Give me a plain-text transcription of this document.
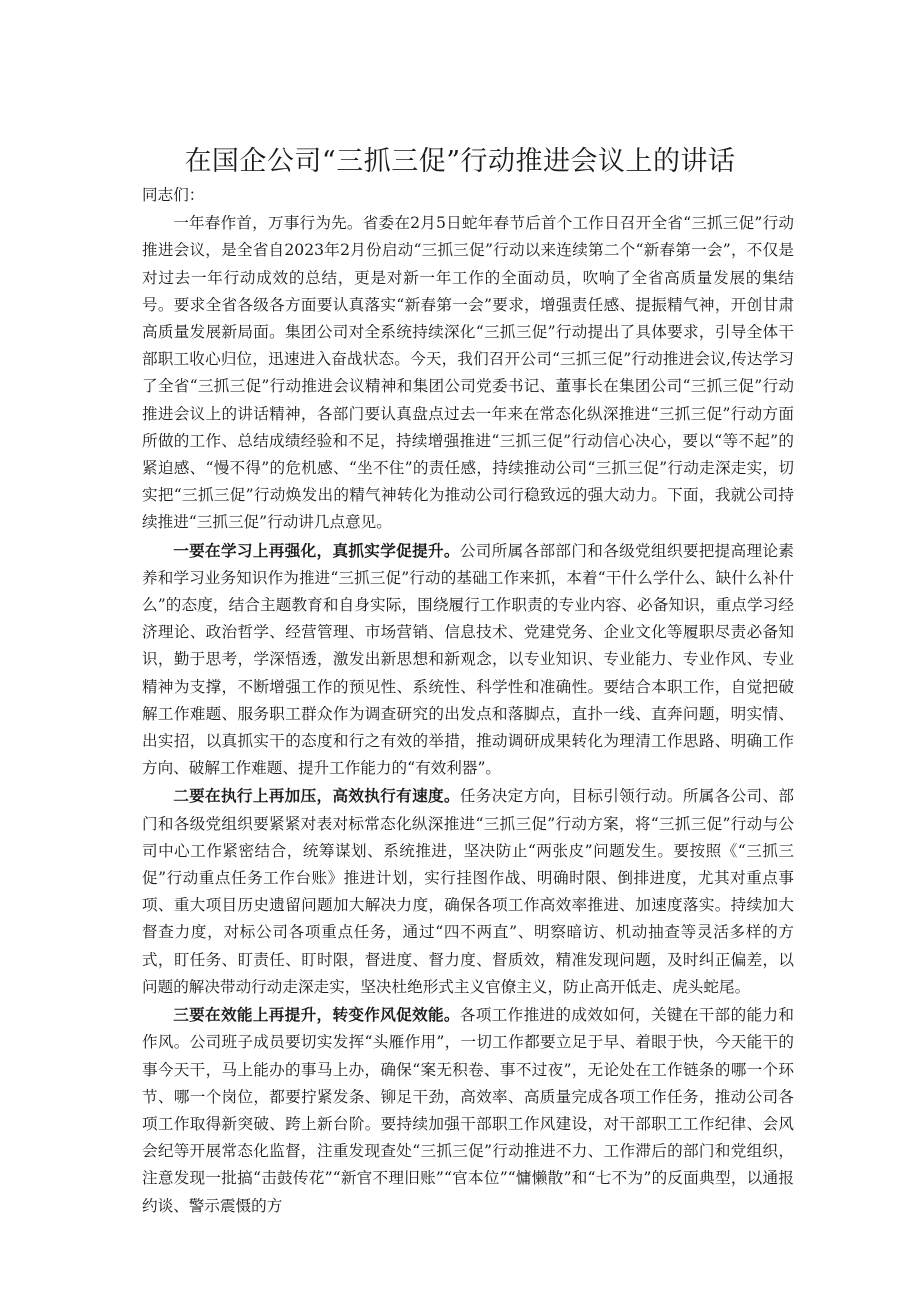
在国企公司“三抓三促”行动推进会议上的讲话

同志们：

一年春作首，万事行为先。省委在2月5日蛇年春节后首个工作日召开全省“三抓三促”行动推进会议，是全省自2023年2月份启动“三抓三促”行动以来连续第二个“新春第一会”，不仅是对过去一年行动成效的总结，更是对新一年工作的全面动员，吹响了全省高质量发展的集结号。要求全省各级各方面要认真落实“新春第一会”要求，增强责任感、提振精气神，开创甘肃高质量发展新局面。集团公司对全系统持续深化“三抓三促”行动提出了具体要求，引导全体干部职工收心归位，迅速进入奋战状态。今天，我们召开公司“三抓三促”行动推进会议,传达学习了全省“三抓三促”行动推进会议精神和集团公司党委书记、董事长在集团公司“三抓三促”行动推进会议上的讲话精神，各部门要认真盘点过去一年来在常态化纵深推进“三抓三促”行动方面所做的工作、总结成绩经验和不足，持续增强推进“三抓三促”行动信心决心，要以“等不起”的紧迫感、“慢不得”的危机感、“坐不住”的责任感，持续推动公司“三抓三促”行动走深走实，切实把“三抓三促”行动焕发出的精气神转化为推动公司行稳致远的强大动力。下面，我就公司持续推进“三抓三促”行动讲几点意见。

一要在学习上再强化，真抓实学促提升。公司所属各部部门和各级党组织要把提高理论素养和学习业务知识作为推进“三抓三促”行动的基础工作来抓，本着“干什么学什么、缺什么补什么”的态度，结合主题教育和自身实际，围绕履行工作职责的专业内容、必备知识，重点学习经济理论、政治哲学、经营管理、市场营销、信息技术、党建党务、企业文化等履职尽责必备知识，勤于思考，学深悟透，激发出新思想和新观念，以专业知识、专业能力、专业作风、专业精神为支撑，不断增强工作的预见性、系统性、科学性和准确性。要结合本职工作，自觉把破解工作难题、服务职工群众作为调查研究的出发点和落脚点，直扑一线、直奔问题，明实情、出实招，以真抓实干的态度和行之有效的举措，推动调研成果转化为理清工作思路、明确工作方向、破解工作难题、提升工作能力的“有效利器”。

二要在执行上再加压，高效执行有速度。任务决定方向，目标引领行动。所属各公司、部门和各级党组织要紧紧对表对标常态化纵深推进“三抓三促”行动方案，将“三抓三促”行动与公司中心工作紧密结合，统筹谋划、系统推进，坚决防止“两张皮”问题发生。要按照《“三抓三促”行动重点任务工作台账》推进计划，实行挂图作战、明确时限、倒排进度，尤其对重点事项、重大项目历史遗留问题加大解决力度，确保各项工作高效率推进、加速度落实。持续加大督查力度，对标公司各项重点任务，通过“四不两直”、明察暗访、机动抽查等灵活多样的方式，盯任务、盯责任、盯时限，督进度、督力度、督质效，精准发现问题，及时纠正偏差，以问题的解决带动行动走深走实，坚决杜绝形式主义官僚主义，防止高开低走、虎头蛇尾。

三要在效能上再提升，转变作风促效能。各项工作推进的成效如何，关键在干部的能力和作风。公司班子成员要切实发挥“头雁作用”，一切工作都要立足于早、着眼于快，今天能干的事今天干，马上能办的事马上办，确保“案无积卷、事不过夜”，无论处在工作链条的哪一个环节、哪一个岗位，都要拧紧发条、铆足干劲，高效率、高质量完成各项工作任务，推动公司各项工作取得新突破、跨上新台阶。要持续加强干部职工作风建设，对干部职工工作纪律、会风会纪等开展常态化监督，注重发现查处“三抓三促”行动推进不力、工作滞后的部门和党组织，注意发现一批搞“击鼓传花”“新官不理旧账”“官本位”“慵懒散”和“七不为”的反面典型，以通报约谈、警示震慑的方
